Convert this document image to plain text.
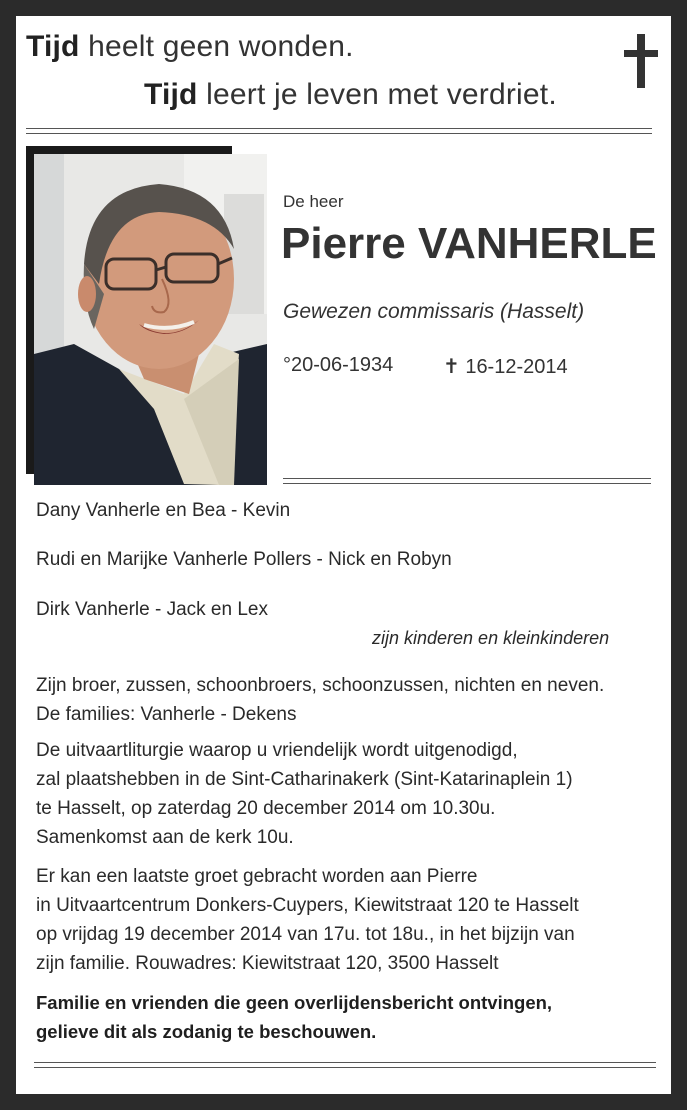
Tijd heelt geen wonden.
Tijd leert je leven met verdriet.
De heer
Pierre VANHERLE
Gewezen commissaris (Hasselt)
°20-06-1934 ✝ 16-12-2014
Dany Vanherle en Bea - Kevin
Rudi en Marijke Vanherle Pollers - Nick en Robyn
Dirk Vanherle - Jack en Lex
zijn kinderen en kleinkinderen
Zijn broer, zussen, schoonbroers, schoonzussen, nichten en neven.
De families: Vanherle - Dekens
De uitvaartliturgie waarop u vriendelijk wordt uitgenodigd,
zal plaatshebben in de Sint-Catharinakerk (Sint-Katarinaplein 1)
te Hasselt, op zaterdag 20 december 2014 om 10.30u.
Samenkomst aan de kerk 10u.
Er kan een laatste groet gebracht worden aan Pierre
in Uitvaartcentrum Donkers-Cuypers, Kiewitstraat 120 te Hasselt
op vrijdag 19 december 2014 van 17u. tot 18u., in het bijzijn van
zijn familie. Rouwadres: Kiewitstraat 120, 3500 Hasselt
Familie en vrienden die geen overlijdensbericht ontvingen,
gelieve dit als zodanig te beschouwen.
